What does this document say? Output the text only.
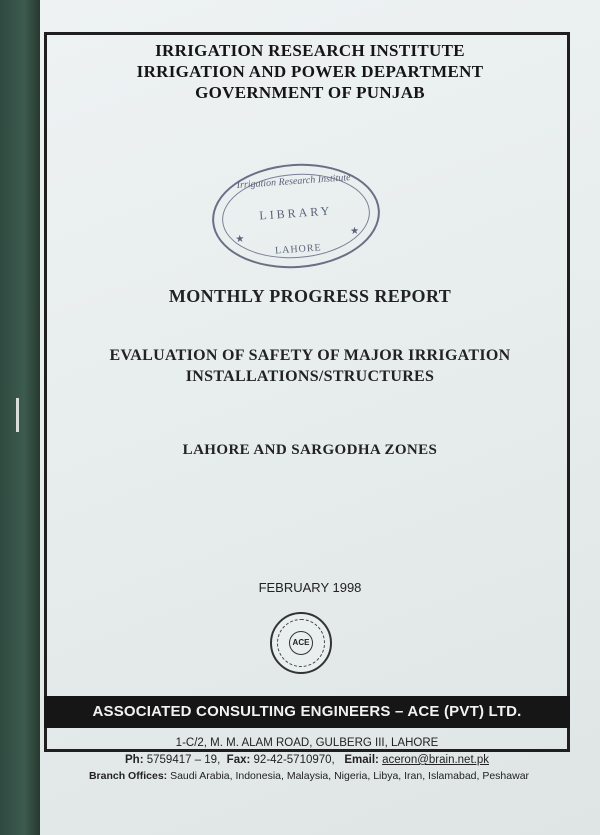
IRRIGATION RESEARCH INSTITUTE
IRRIGATION AND POWER DEPARTMENT
GOVERNMENT OF PUNJAB
Irrigation Research Institute
LIBRARY
★
★
LAHORE
MONTHLY PROGRESS REPORT
EVALUATION OF SAFETY OF MAJOR IRRIGATION
INSTALLATIONS/STRUCTURES
LAHORE AND SARGODHA ZONES
FEBRUARY 1998
ACE
ASSOCIATED CONSULTING ENGINEERS – ACE (PVT) LTD.
1-C/2, M. M. ALAM ROAD, GULBERG III, LAHORE
Ph: 5759417 – 19, Fax: 92-42-5710970, Email: aceron@brain.net.pk
Branch Offices: Saudi Arabia, Indonesia, Malaysia, Nigeria, Libya, Iran, Islamabad, Peshawar
